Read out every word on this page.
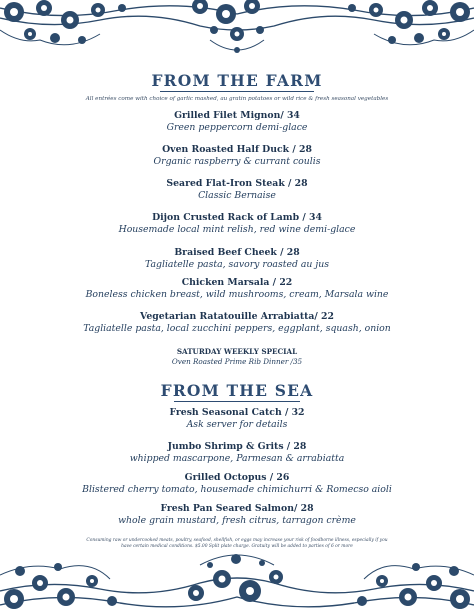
FROM THE FARM
All entrées come with choice of garlic mashed, au gratin potatoes or wild rice & fresh seasonal vegetables
Grilled Filet Mignon/ 34
Green peppercorn demi-glace
Oven Roasted Half Duck / 28
Organic raspberry & currant coulis
Seared Flat-Iron Steak / 28
Classic Bernaise
Dijon Crusted Rack of Lamb / 34
Housemade local mint relish, red wine demi-glace
Braised Beef Cheek / 28
Tagliatelle pasta, savory roasted au jus
Chicken Marsala / 22
Boneless chicken breast, wild mushrooms, cream, Marsala wine
Vegetarian Ratatouille Arrabiatta/ 22
Tagliatelle pasta, local zucchini peppers, eggplant, squash, onion
SATURDAY WEEKLY SPECIAL
Oven Roasted Prime Rib Dinner /35
FROM THE SEA
Fresh Seasonal Catch / 32
Ask server for details
Jumbo Shrimp & Grits / 28
whipped mascarpone, Parmesan & arrabiatta
Grilled Octopus / 26
Blistered cherry tomato, housemade chimichurri & Romecso aioli
Fresh Pan Seared Salmon/ 28
whole grain mustard, fresh citrus, tarragon crème
Consuming raw or undercooked meats, poultry, seafood, shellfish, or eggs may increase your risk of foodborne illness, especially if you have certain medical conditions. $5.00 Split plate charge. Gratuity will be added to parties of 6 or more
